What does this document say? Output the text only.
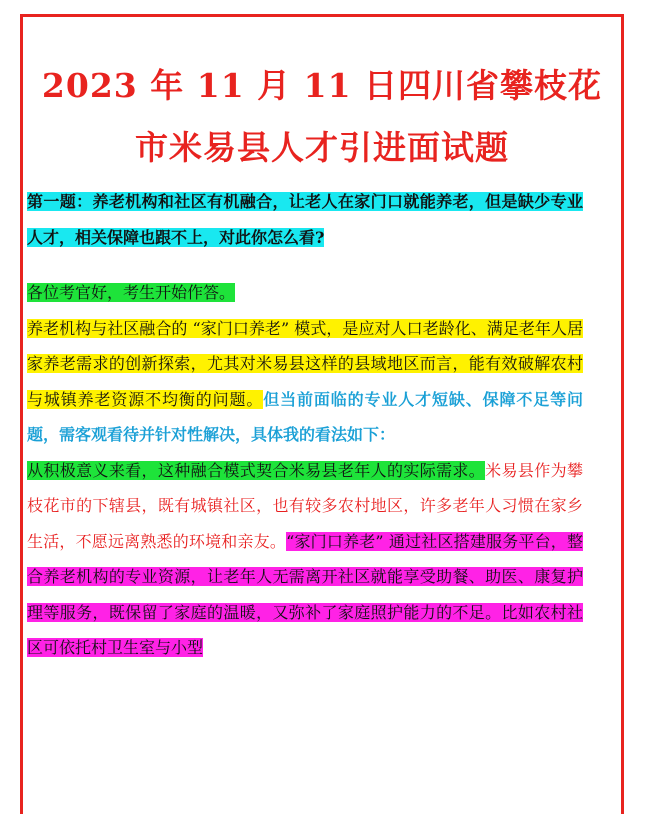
2023 年 11 月 11 日四川省攀枝花
市米易县人才引进面试题

第一题：养老机构和社区有机融合，让老人在家门口就能养老，但是缺少专业人才，相关保障也跟不上，对此你怎么看?

各位考官好，考生开始作答。

养老机构与社区融合的 “家门口养老” 模式，是应对人口老龄化、满足老年人居家养老需求的创新探索，尤其对米易县这样的县域地区而言，能有效破解农村与城镇养老资源不均衡的问题。但当前面临的专业人才短缺、保障不足等问题，需客观看待并针对性解决，具体我的看法如下：

从积极意义来看，这种融合模式契合米易县老年人的实际需求。米易县作为攀枝花市的下辖县，既有城镇社区，也有较多农村地区，许多老年人习惯在家乡生活，不愿远离熟悉的环境和亲友。“家门口养老” 通过社区搭建服务平台，整合养老机构的专业资源，让老年人无需离开社区就能享受助餐、助医、康复护理等服务，既保留了家庭的温暖，又弥补了家庭照护能力的不足。比如农村社区可依托村卫生室与小型
